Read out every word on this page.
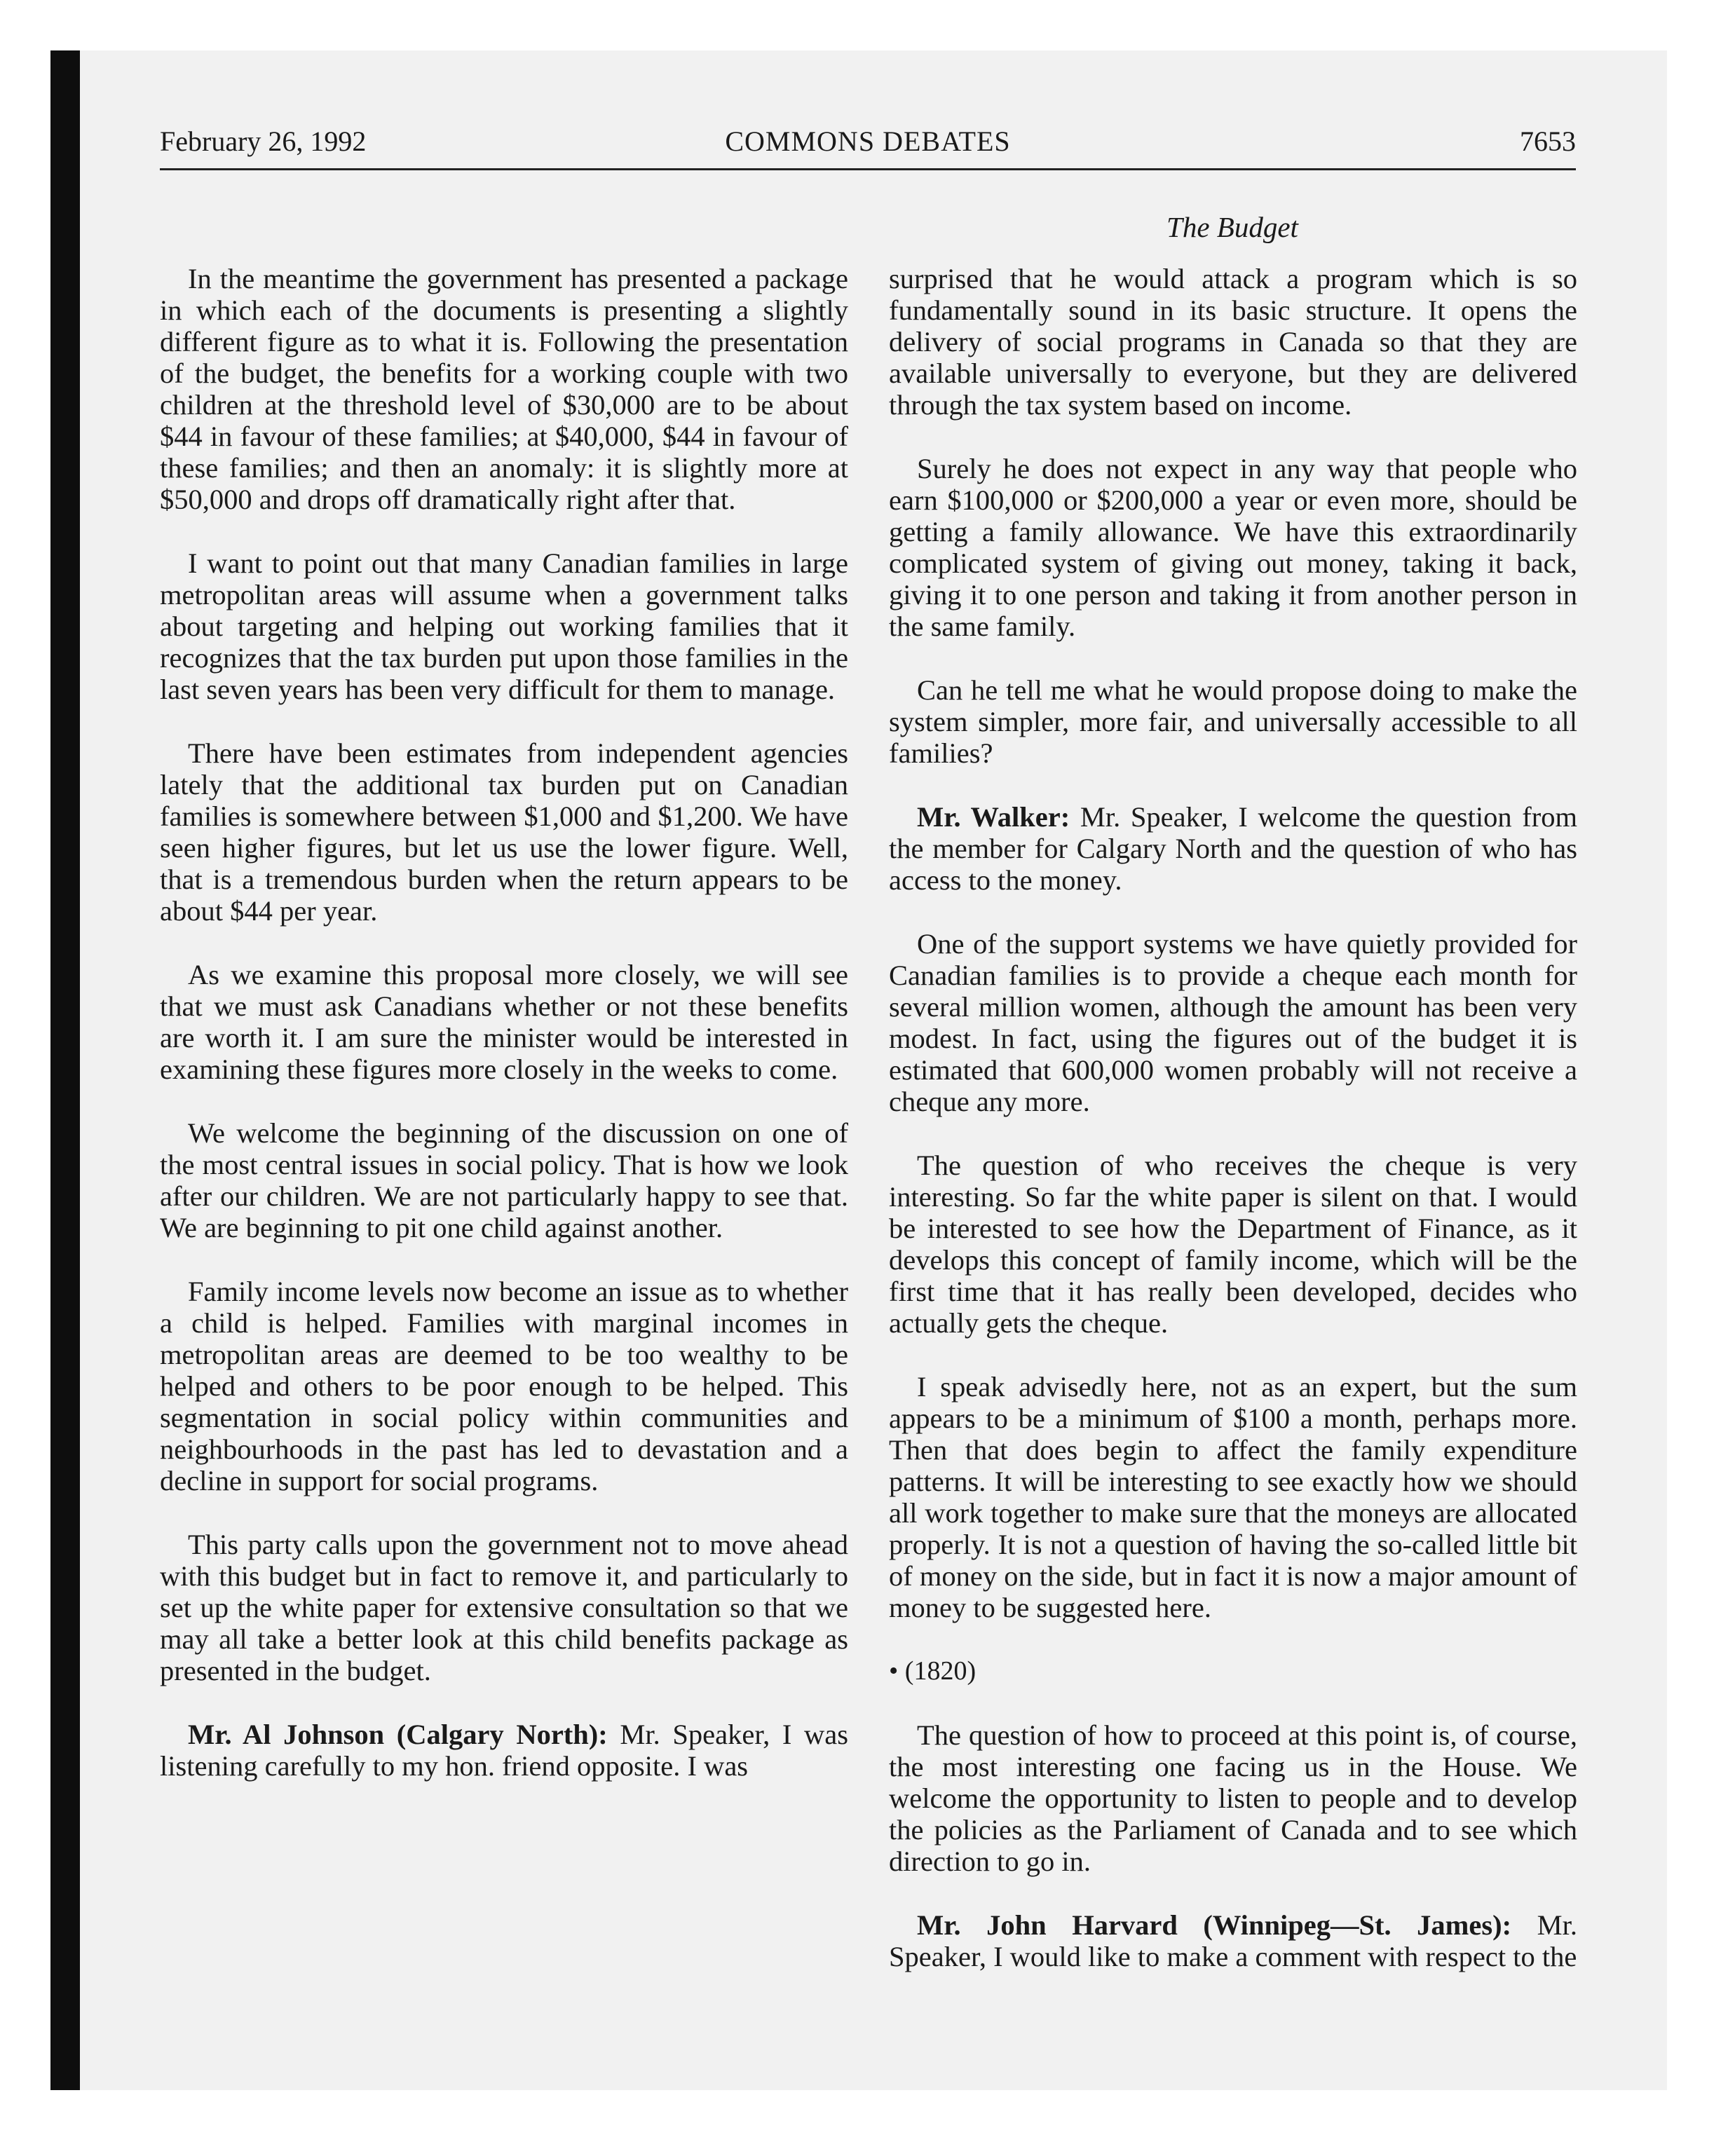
February 26, 1992	COMMONS DEBATES	7653
The Budget

In the meantime the government has presented a package in which each of the documents is presenting a slightly different figure as to what it is. Following the presentation of the budget, the benefits for a working couple with two children at the threshold level of $30,000 are to be about $44 in favour of these families; at $40,000, $44 in favour of these families; and then an anomaly: it is slightly more at $50,000 and drops off dramatically right after that.

I want to point out that many Canadian families in large metropolitan areas will assume when a government talks about targeting and helping out working families that it recognizes that the tax burden put upon those families in the last seven years has been very difficult for them to manage.

There have been estimates from independent agencies lately that the additional tax burden put on Canadian families is somewhere between $1,000 and $1,200. We have seen higher figures, but let us use the lower figure. Well, that is a tremendous burden when the return appears to be about $44 per year.

As we examine this proposal more closely, we will see that we must ask Canadians whether or not these benefits are worth it. I am sure the minister would be interested in examining these figures more closely in the weeks to come.

We welcome the beginning of the discussion on one of the most central issues in social policy. That is how we look after our children. We are not particularly happy to see that. We are beginning to pit one child against another.

Family income levels now become an issue as to whether a child is helped. Families with marginal incomes in metropolitan areas are deemed to be too wealthy to be helped and others to be poor enough to be helped. This segmentation in social policy within communities and neighbourhoods in the past has led to devastation and a decline in support for social programs.

This party calls upon the government not to move ahead with this budget but in fact to remove it, and particularly to set up the white paper for extensive consultation so that we may all take a better look at this child benefits package as presented in the budget.

Mr. Al Johnson (Calgary North): Mr. Speaker, I was listening carefully to my hon. friend opposite. I was

surprised that he would attack a program which is so fundamentally sound in its basic structure. It opens the delivery of social programs in Canada so that they are available universally to everyone, but they are delivered through the tax system based on income.

Surely he does not expect in any way that people who earn $100,000 or $200,000 a year or even more, should be getting a family allowance. We have this extraordinarily complicated system of giving out money, taking it back, giving it to one person and taking it from another person in the same family.

Can he tell me what he would propose doing to make the system simpler, more fair, and universally accessible to all families?

Mr. Walker: Mr. Speaker, I welcome the question from the member for Calgary North and the question of who has access to the money.

One of the support systems we have quietly provided for Canadian families is to provide a cheque each month for several million women, although the amount has been very modest. In fact, using the figures out of the budget it is estimated that 600,000 women probably will not receive a cheque any more.

The question of who receives the cheque is very interesting. So far the white paper is silent on that. I would be interested to see how the Department of Finance, as it develops this concept of family income, which will be the first time that it has really been developed, decides who actually gets the cheque.

I speak advisedly here, not as an expert, but the sum appears to be a minimum of $100 a month, perhaps more. Then that does begin to affect the family expenditure patterns. It will be interesting to see exactly how we should all work together to make sure that the moneys are allocated properly. It is not a question of having the so-called little bit of money on the side, but in fact it is now a major amount of money to be suggested here.

• (1820)

The question of how to proceed at this point is, of course, the most interesting one facing us in the House. We welcome the opportunity to listen to people and to develop the policies as the Parliament of Canada and to see which direction to go in.

Mr. John Harvard (Winnipeg—St. James): Mr. Speaker, I would like to make a comment with respect to the
